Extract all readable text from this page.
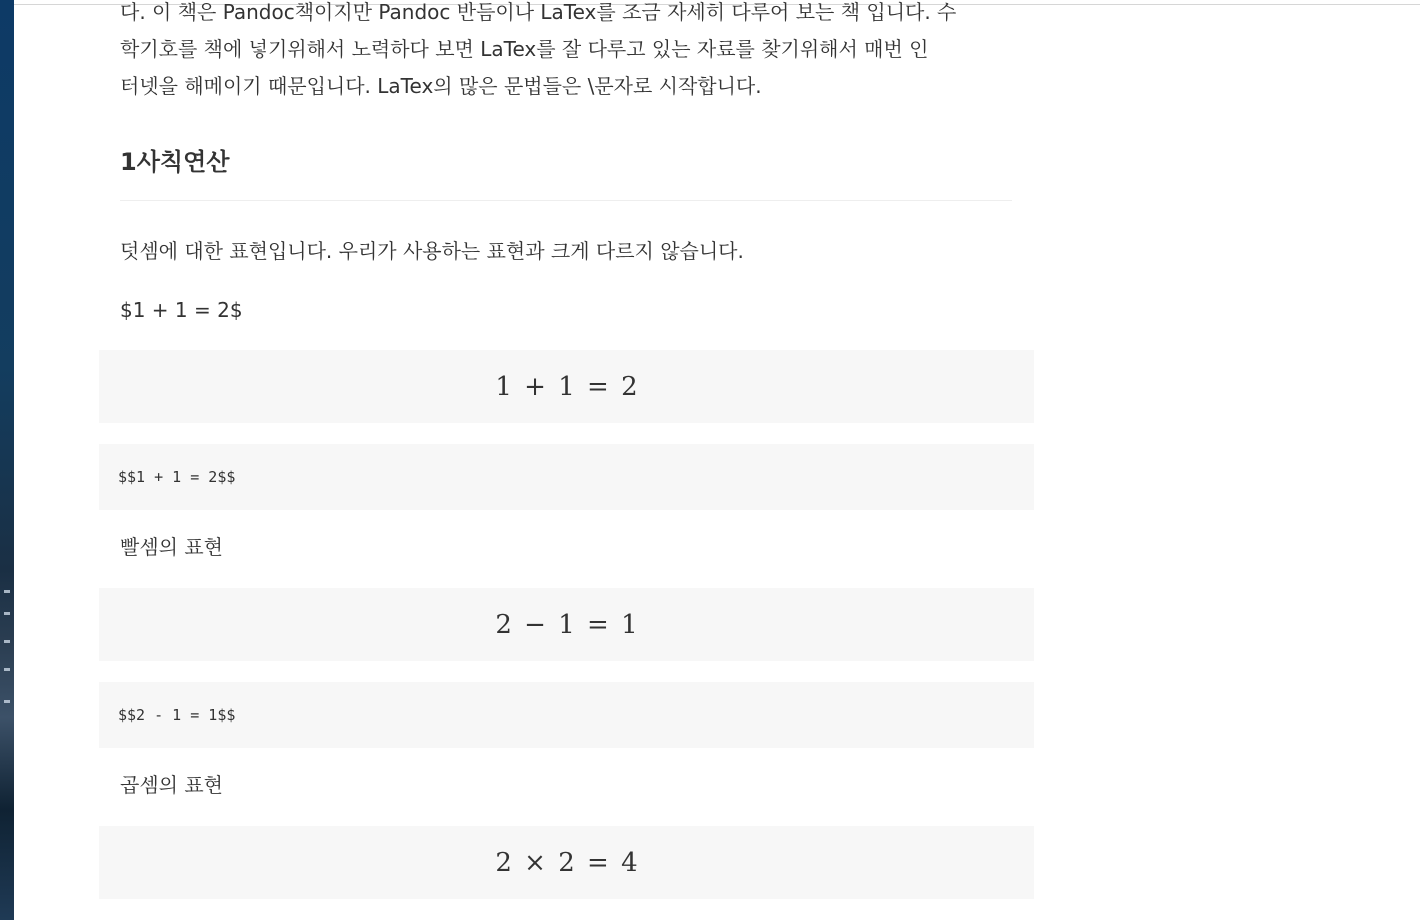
다. 이 책은 Pandoc책이지만 Pandoc 반듬이나 LaTex를 조금 자세히 다루어 보는 책 입니다. 수
학기호를 책에 넣기위해서 노력하다 보면 LaTex를 잘 다루고 있는 자료를 찾기위해서 매번 인
터넷을 해메이기 때문입니다. LaTex의 많은 문법들은 \문자로 시작합니다.
1사칙연산

덧셈에 대한 표현입니다. 우리가 사용하는 표현과 크게 다르지 않습니다.

$1 + 1 = 2$

빨셈의 표현

곱셈의 표현

1 + 1 = 2
$$1 + 1 = 2$$
2 − 1 = 1
$$2 - 1 = 1$$
2 × 2 = 4
